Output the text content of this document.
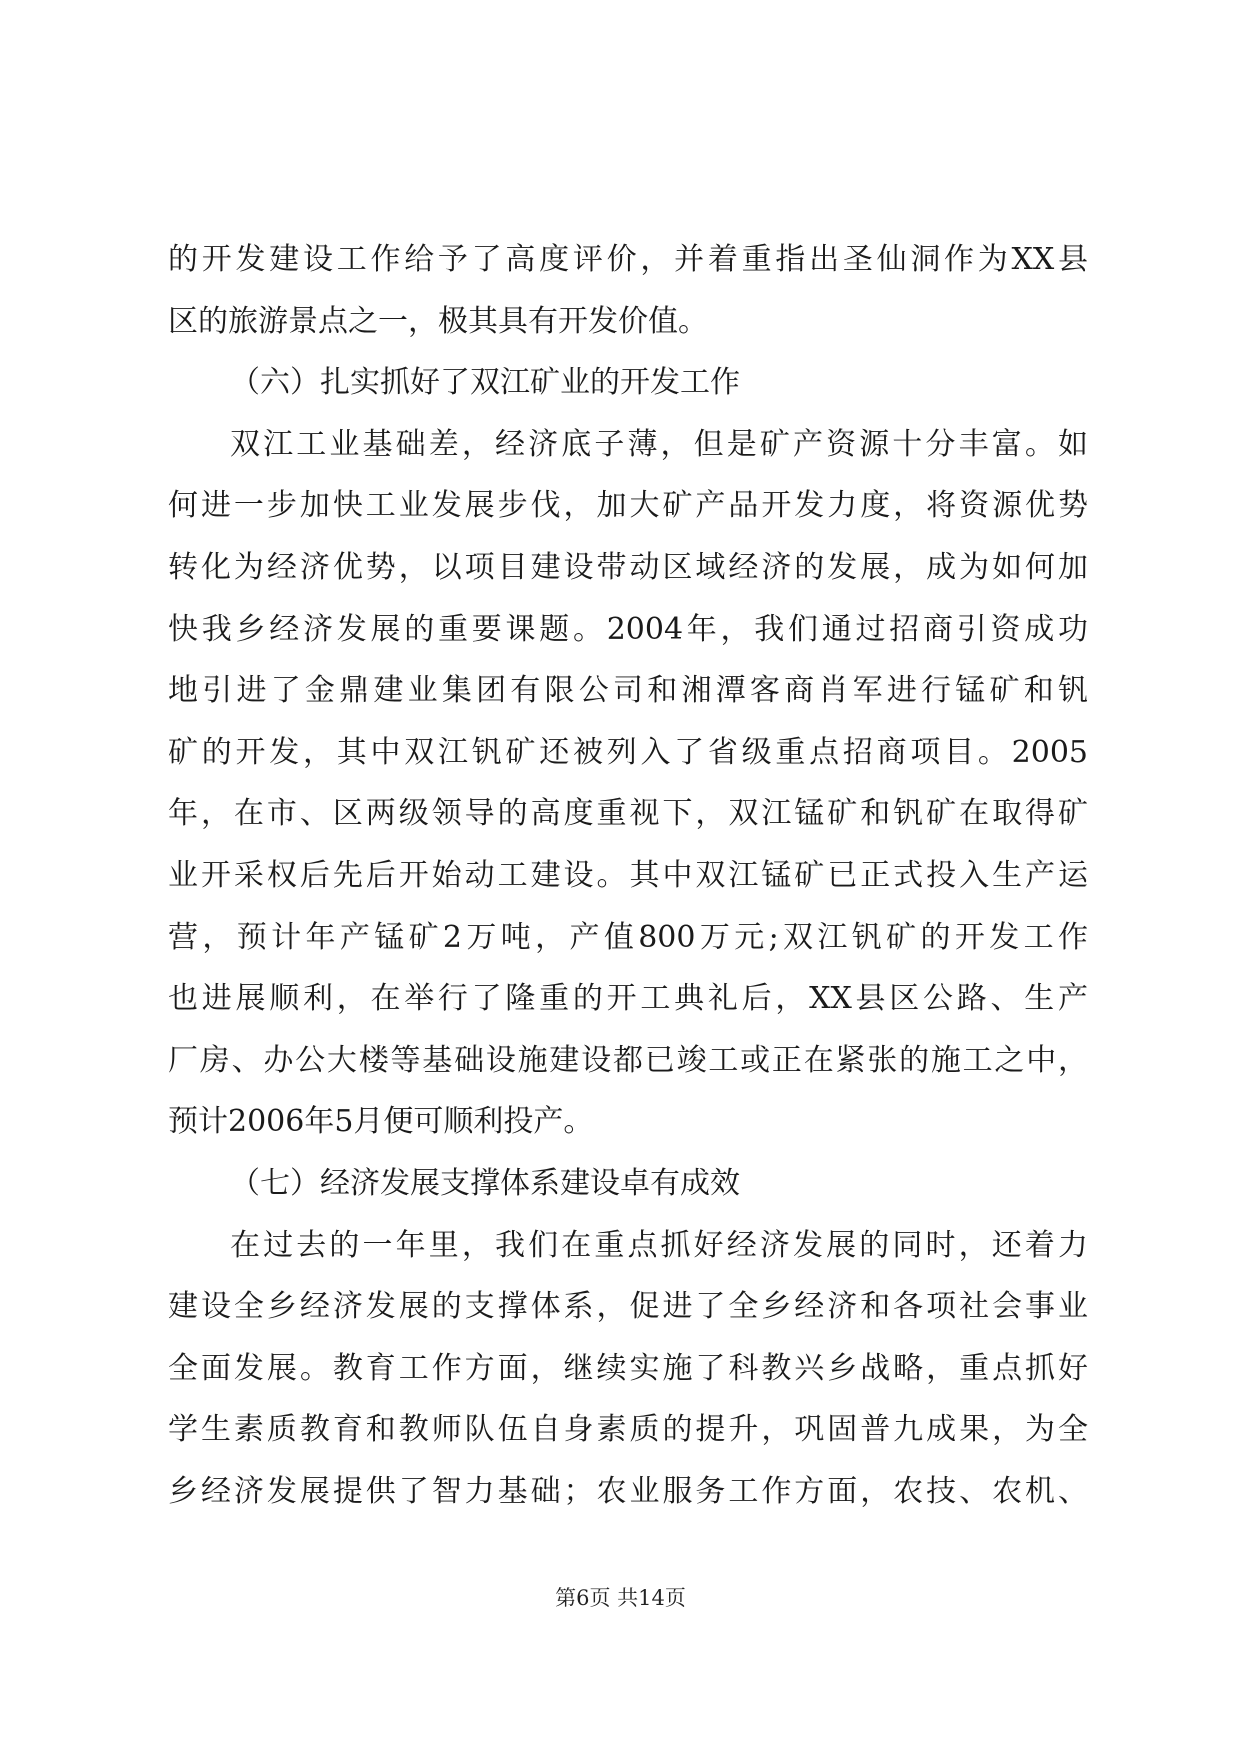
的开发建设工作给予了高度评价，并着重指出圣仙洞作为XX县
区的旅游景点之一，极其具有开发价值。
（六）扎实抓好了双江矿业的开发工作
双江工业基础差，经济底子薄，但是矿产资源十分丰富。如
何进一步加快工业发展步伐，加大矿产品开发力度，将资源优势
转化为经济优势，以项目建设带动区域经济的发展，成为如何加
快我乡经济发展的重要课题。2004年，我们通过招商引资成功
地引进了金鼎建业集团有限公司和湘潭客商肖军进行锰矿和钒
矿的开发，其中双江钒矿还被列入了省级重点招商项目。2005
年，在市、区两级领导的高度重视下，双江锰矿和钒矿在取得矿
业开采权后先后开始动工建设。其中双江锰矿已正式投入生产运
营，预计年产锰矿2万吨，产值800万元;双江钒矿的开发工作
也进展顺利，在举行了隆重的开工典礼后，XX县区公路、生产
厂房、办公大楼等基础设施建设都已竣工或正在紧张的施工之中，
预计2006年5月便可顺利投产。
（七）经济发展支撑体系建设卓有成效
在过去的一年里，我们在重点抓好经济发展的同时，还着力
建设全乡经济发展的支撑体系，促进了全乡经济和各项社会事业
全面发展。教育工作方面，继续实施了科教兴乡战略，重点抓好
学生素质教育和教师队伍自身素质的提升，巩固普九成果，为全
乡经济发展提供了智力基础；农业服务工作方面，农技、农机、
第6页 共14页
